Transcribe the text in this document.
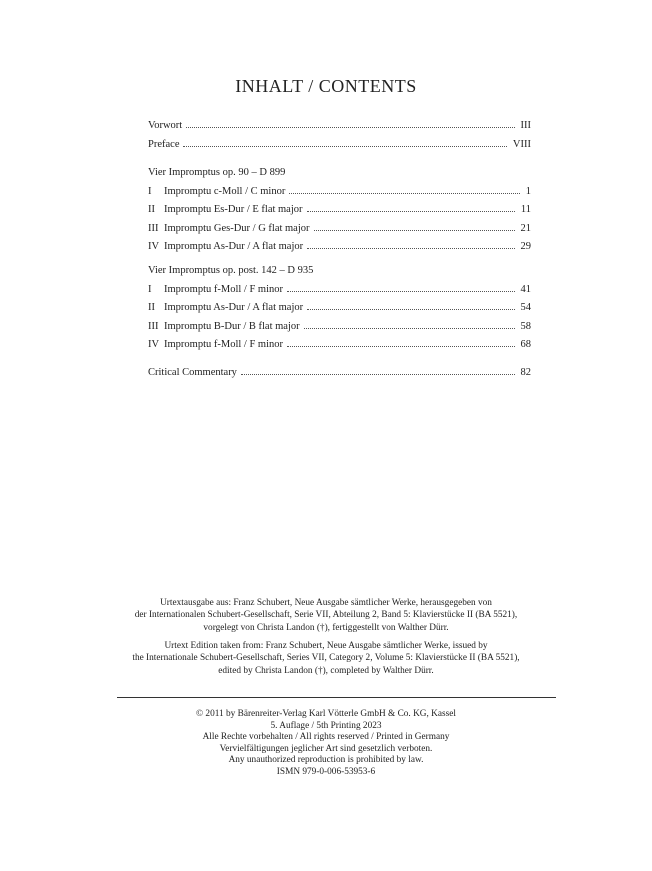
INHALT / CONTENTS
Vorwort	III
Preface	VIII
Vier Impromptus op. 90 – D 899
I	Impromptu c-Moll / C minor	1
II Impromptu Es-Dur / E flat major	11
III Impromptu Ges-Dur / G flat major	21
IV Impromptu As-Dur / A flat major	29
Vier Impromptus op. post. 142 – D 935
I	Impromptu f-Moll / F minor	41
II Impromptu As-Dur / A flat major	54
III Impromptu B-Dur / B flat major	58
IV Impromptu f-Moll / F minor	68
Critical Commentary	82

Urtextausgabe aus: Franz Schubert, Neue Ausgabe sämtlicher Werke, herausgegeben von

der Internationalen Schubert-Gesellschaft, Serie VII, Abteilung 2, Band 5: Klavierstücke II (BA 5521),

vorgelegt von Christa Landon (†), fertiggestellt von Walther Dürr.

Urtext Edition taken from: Franz Schubert, Neue Ausgabe sämtlicher Werke, issued by

the Internationale Schubert-Gesellschaft, Series VII, Category 2, Volume 5: Klavierstücke II (BA 5521),

edited by Christa Landon (†), completed by Walther Dürr.

© 2011 by Bärenreiter-Verlag Karl Vötterle GmbH & Co. KG, Kassel

5. Auflage / 5th Printing 2023

Alle Rechte vorbehalten / All rights reserved / Printed in Germany

Vervielfältigungen jeglicher Art sind gesetzlich verboten.

Any unauthorized reproduction is prohibited by law.

ISMN 979-0-006-53953-6
